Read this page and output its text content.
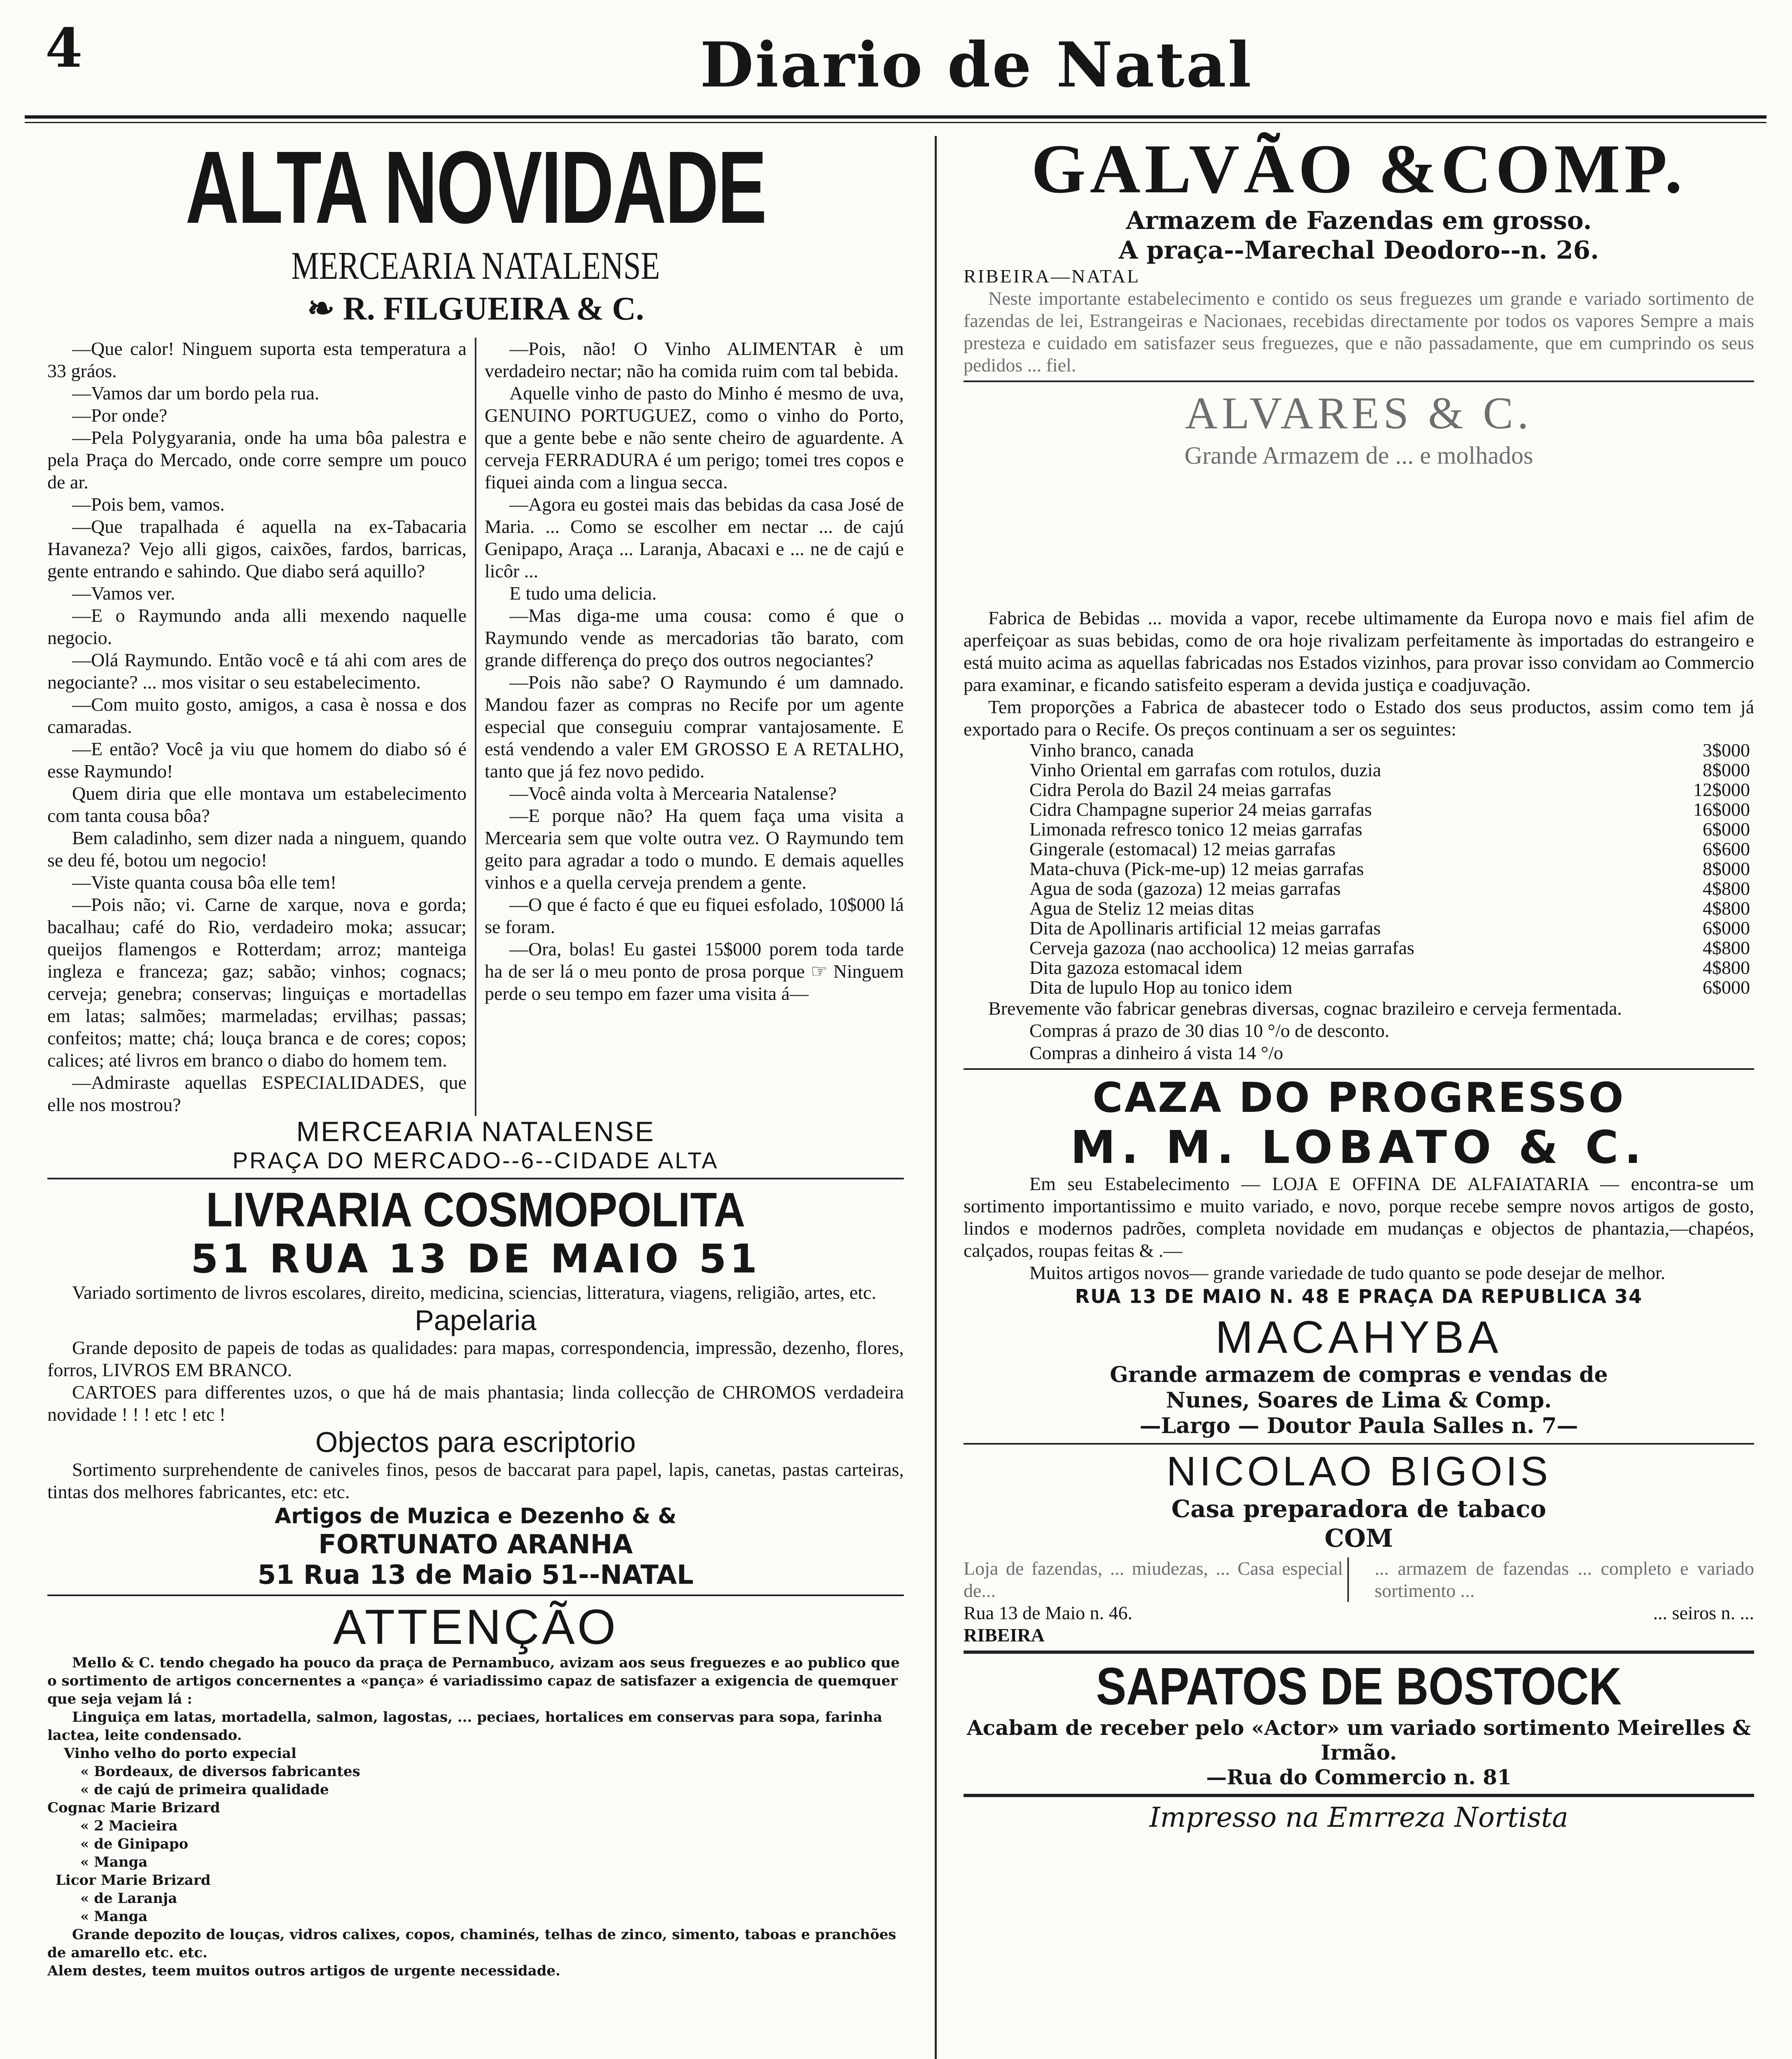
4	Diario de Natal
ALTA NOVIDADE
MERCEARIA NATALENSE
❧ R. FILGUEIRA & C.

—Que calor! Ninguem suporta esta temperatura a 33 gráos.

—Vamos dar um bordo pela rua.

—Por onde?

—Pela Polygyarania, onde ha uma bôa palestra e pela Praça do Mercado, onde corre sempre um pouco de ar.

—Pois bem, vamos.

—Que trapalhada é aquella na ex-Tabacaria Havaneza? Vejo alli gigos, caixões, fardos, barricas, gente entrando e sahindo. Que diabo será aquillo?

—Vamos ver.

—E o Raymundo anda alli mexendo naquelle negocio.

—Olá Raymundo. Então você e tá ahi com ares de negociante? ... mos visitar o seu estabelecimento.

—Com muito gosto, amigos, a casa è nossa e dos camaradas.

—E então? Você ja viu que homem do diabo só é esse Raymundo!

Quem diria que elle montava um estabelecimento com tanta cousa bôa?

Bem caladinho, sem dizer nada a ninguem, quando se deu fé, botou um negocio!

—Viste quanta cousa bôa elle tem!

—Pois não; vi. Carne de xarque, nova e gorda; bacalhau; café do Rio, verdadeiro moka; assucar; queijos flamengos e Rotterdam; arroz; manteiga ingleza e franceza; gaz; sabão; vinhos; cognacs; cerveja; genebra; conservas; linguiças e mortadellas em latas; salmões; marmeladas; ervilhas; passas; confeitos; matte; chá; louça branca e de cores; copos; calices; até livros em branco o diabo do homem tem.

—Admiraste aquellas ESPECIALIDADES, que elle nos mostrou?

—Pois, não! O Vinho ALIMENTAR è um verdadeiro nectar; não ha comida ruim com tal bebida.

Aquelle vinho de pasto do Minho é mesmo de uva, GENUINO PORTUGUEZ, como o vinho do Porto, que a gente bebe e não sente cheiro de aguardente. A cerveja FERRADURA é um perigo; tomei tres copos e fiquei ainda com a lingua secca.

—Agora eu gostei mais das bebidas da casa José de Maria. ... Como se escolher em nectar ... de cajú Genipapo, Araça ... Laranja, Abacaxi e ... ne de cajú e licôr ...

E tudo uma delicia.

—Mas diga-me uma cousa: como é que o Raymundo vende as mercadorias tão barato, com grande differença do preço dos outros negociantes?

—Pois não sabe? O Raymundo é um damnado. Mandou fazer as compras no Recife por um agente especial que conseguiu comprar vantajosamente. E está vendendo a valer EM GROSSO E A RETALHO, tanto que já fez novo pedido.

—Você ainda volta à Mercearia Natalense?

—E porque não? Ha quem faça uma visita a Mercearia sem que volte outra vez. O Raymundo tem geito para agradar a todo o mundo. E demais aquelles vinhos e a quella cerveja prendem a gente.

—O que é facto é que eu fiquei esfolado, 10$000 lá se foram.

—Ora, bolas! Eu gastei 15$000 porem toda tarde ha de ser lá o meu ponto de prosa porque ☞ Ninguem perde o seu tempo em fazer uma visita á—

MERCEARIA NATALENSE
PRAÇA DO MERCADO--6--CIDADE ALTA
LIVRARIA COSMOPOLITA
51 RUA 13 DE MAIO 51
Variado sortimento de livros escolares, direito, medicina, sciencias, litteratura, viagens, religião, artes, etc.
Papelaria
Grande deposito de papeis de todas as qualidades: para mapas, correspondencia, impressão, dezenho, flores, forros, LIVROS EM BRANCO.
CARTOES para differentes uzos, o que há de mais phantasia; linda collecção de CHROMOS verdadeira novidade ! ! ! etc ! etc !
Objectos para escriptorio
Sortimento surprehendente de caniveles finos, pesos de baccarat para papel, lapis, canetas, pastas carteiras, tintas dos melhores fabricantes, etc: etc.
Artigos de Muzica e Dezenho & &
FORTUNATO ARANHA
51 Rua 13 de Maio 51--NATAL
ATTENÇÃO

Mello & C. tendo chegado ha pouco da praça de Pernambuco, avizam aos seus freguezes e ao publico que o sortimento de artigos concernentes a «pança» é variadissimo capaz de satisfazer a exigencia de quemquer que seja vejam lá :

Linguiça em latas, mortadella, salmon, lagostas, ... peciaes, hortalices em conservas para sopa, farinha lactea, leite condensado.

Vinho velho do porto expecial

« Bordeaux, de diversos fabricantes

« de cajú de primeira qualidade

Cognac Marie Brizard

« 2 Macieira

« de Ginipapo

« Manga

Licor Marie Brizard

« de Laranja

« Manga

Grande depozito de louças, vidros calixes, copos, chaminés, telhas de zinco, simento, taboas e pranchões de amarello etc. etc.

Alem destes, teem muitos outros artigos de urgente necessidade.

GALVÃO &COMP.
Armazem de Fazendas em grosso.
A praça--Marechal Deodoro--n. 26.
RIBEIRA—NATAL
Neste importante estabelecimento e contido os seus freguezes um grande e variado sortimento de fazendas de lei, Estrangeiras e Nacionaes, recebidas directamente por todos os vapores Sempre a mais presteza e cuidado em satisfazer seus freguezes, que e não passadamente, que em cumprindo os seus pedidos ... fiel.
ALVARES & C.
Grande Armazem de ... e molhados
Fabrica de Bebidas ... movida a vapor, recebe ultimamente da Europa novo e mais fiel afim de aperfeiçoar as suas bebidas, como de ora hoje rivalizam perfeitamente às importadas do estrangeiro e está muito acima as aquellas fabricadas nos Estados vizinhos, para provar isso convidam ao Commercio para examinar, e ficando satisfeito esperam a devida justiça e coadjuvação.
Tem proporções a Fabrica de abastecer todo o Estado dos seus productos, assim como tem já exportado para o Recife. Os preços continuam a ser os seguintes:
Vinho branco, canada	3$000
Vinho Oriental em garrafas com rotulos, duzia	8$000
Cidra Perola do Bazil 24 meias garrafas	12$000
Cidra Champagne superior 24 meias garrafas	16$000
Limonada refresco tonico 12 meias garrafas	6$000
Gingerale (estomacal) 12 meias garrafas	6$600
Mata-chuva (Pick-me-up) 12 meias garrafas	8$000
Agua de soda (gazoza) 12 meias garrafas	4$800
Agua de Steliz 12 meias ditas	4$800
Dita de Apollinaris artificial 12 meias garrafas	6$000
Cerveja gazoza (nao acchoolica) 12 meias garrafas	4$800
Dita gazoza estomacal idem	4$800
Dita de lupulo Hop au tonico idem	6$000
Brevemente vão fabricar genebras diversas, cognac brazileiro e cerveja fermentada.
Compras á prazo de 30 dias 10 °/o de desconto.
Compras a dinheiro á vista 14 °/o
CAZA DO PROGRESSO
M. M. LOBATO & C.
Em seu Estabelecimento — LOJA E OFFINA DE ALFAIATARIA — encontra-se um sortimento importantissimo e muito variado, e novo, porque recebe sempre novos artigos de gosto, lindos e modernos padrões, completa novidade em mudanças e objectos de phantazia,—chapéos, calçados, roupas feitas & .—
Muitos artigos novos— grande variedade de tudo quanto se pode desejar de melhor.
RUA 13 DE MAIO N. 48 E PRAÇA DA REPUBLICA 34
MACAHYBA
Grande armazem de compras e vendas de
Nunes, Soares de Lima & Comp.
—Largo — Doutor Paula Salles n. 7—
NICOLAO BIGOIS
Casa preparadora de tabaco
COM
Loja de fazendas, ... miudezas, ... Casa especial de...
... armazem de fazendas ... completo e variado sortimento ...
Rua 13 de Maio n. 46.	... seiros n. ...
RIBEIRA
SAPATOS DE BOSTOCK
Acabam de receber pelo «Actor» um variado sortimento Meirelles & Irmão.
—Rua do Commercio n. 81
Impresso na Emrreza Nortista
